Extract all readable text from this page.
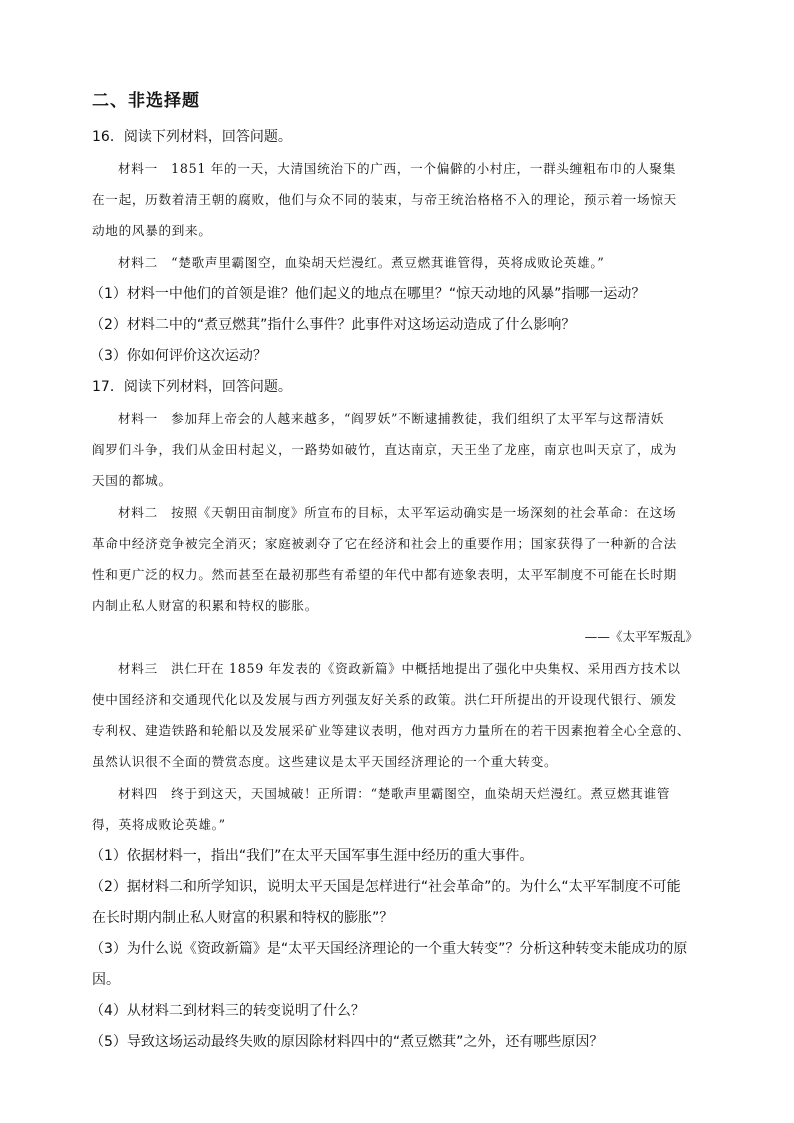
二、非选择题
16．阅读下列材料，回答问题。
材料一　1851 年的一天，大清国统治下的广西，一个偏僻的小村庄，一群头缠粗布巾的人聚集
在一起，历数着清王朝的腐败，他们与众不同的装束，与帝王统治格格不入的理论，预示着一场惊天
动地的风暴的到来。
材料二　“楚歌声里霸图空，血染胡天烂漫红。煮豆燃萁谁管得，英将成败论英雄。”
（1）材料一中他们的首领是谁？他们起义的地点在哪里？“惊天动地的风暴”指哪一运动？
（2）材料二中的“煮豆燃萁”指什么事件？此事件对这场运动造成了什么影响？
（3）你如何评价这次运动？
17．阅读下列材料，回答问题。
材料一　参加拜上帝会的人越来越多，“阎罗妖”不断逮捕教徒，我们组织了太平军与这帮清妖
阎罗们斗争，我们从金田村起义，一路势如破竹，直达南京，天王坐了龙座，南京也叫天京了，成为
天国的都城。
材料二　按照《天朝田亩制度》所宣布的目标，太平军运动确实是一场深刻的社会革命：在这场
革命中经济竞争被完全消灭；家庭被剥夺了它在经济和社会上的重要作用；国家获得了一种新的合法
性和更广泛的权力。然而甚至在最初那些有希望的年代中都有迹象表明，太平军制度不可能在长时期
内制止私人财富的积累和特权的膨胀。
——《太平军叛乱》
材料三　洪仁玕在 1859 年发表的《资政新篇》中概括地提出了强化中央集权、采用西方技术以
使中国经济和交通现代化以及发展与西方列强友好关系的政策。洪仁玕所提出的开设现代银行、颁发
专利权、建造铁路和轮船以及发展采矿业等建议表明，他对西方力量所在的若干因素抱着全心全意的、
虽然认识很不全面的赞赏态度。这些建议是太平天国经济理论的一个重大转变。
材料四　终于到这天，天国城破！正所谓：“楚歌声里霸图空，血染胡天烂漫红。煮豆燃萁谁管
得，英将成败论英雄。”
（1）依据材料一，指出“我们”在太平天国军事生涯中经历的重大事件。
（2）据材料二和所学知识，说明太平天国是怎样进行“社会革命”的。为什么“太平军制度不可能
在长时期内制止私人财富的积累和特权的膨胀”？
（3）为什么说《资政新篇》是“太平天国经济理论的一个重大转变”？分析这种转变未能成功的原
因。
（4）从材料二到材料三的转变说明了什么？
（5）导致这场运动最终失败的原因除材料四中的“煮豆燃萁”之外，还有哪些原因？
